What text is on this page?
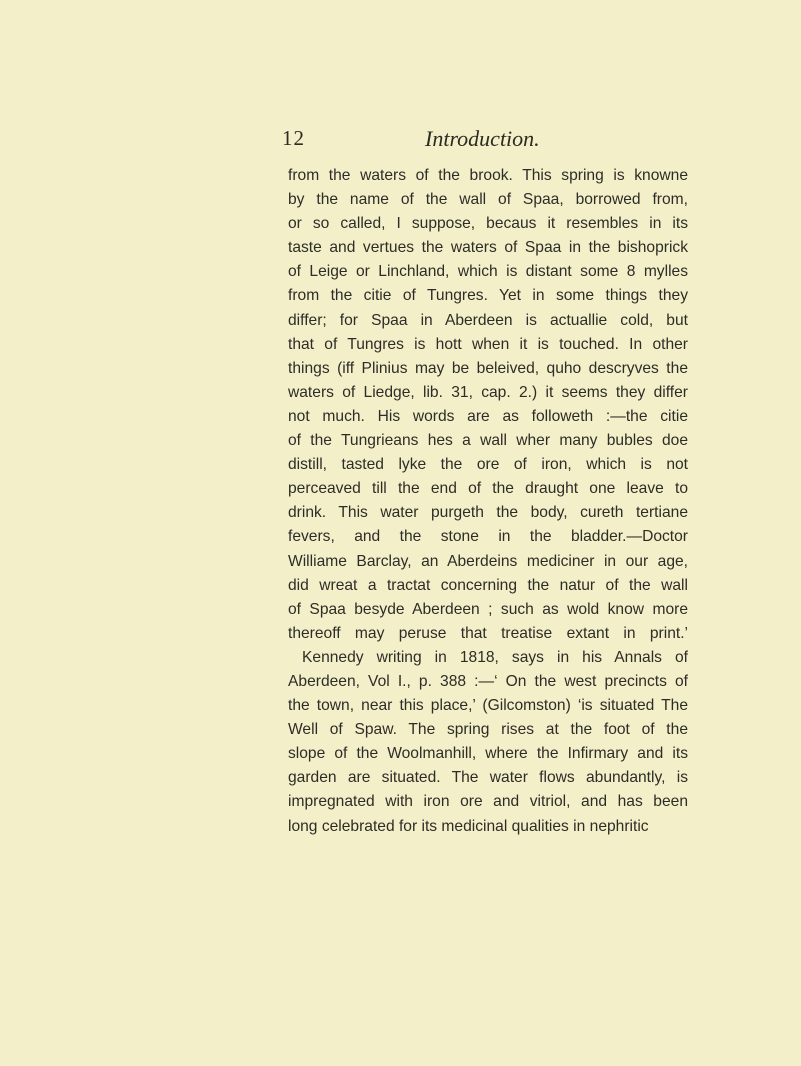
12	Introduction.
from the waters of the brook. This spring is knowne
by the name of the wall of Spaa, borrowed from,
or so called, I suppose, becaus it resembles in its
taste and vertues the waters of Spaa in the bishoprick
of Leige or Linchland, which is distant some 8 mylles
from the citie of Tungres. Yet in some things they
differ; for Spaa in Aberdeen is actuallie cold, but
that of Tungres is hott when it is touched. In other
things (iff Plinius may be beleived, quho descryves the
waters of Liedge, lib. 31, cap. 2.) it seems they differ
not much. His words are as followeth :—the citie
of the Tungrieans hes a wall wher many bubles doe
distill, tasted lyke the ore of iron, which is not
perceaved till the end of the draught one leave to
drink. This water purgeth the body, cureth tertiane
fevers, and the stone in the bladder.—Doctor
Williame Barclay, an Aberdeins mediciner in our age,
did wreat a tractat concerning the natur of the wall
of Spaa besyde Aberdeen ; such as wold know more
thereoff may peruse that treatise extant in print.’
Kennedy writing in 1818, says in his Annals of
Aberdeen, Vol I., p. 388 :—‘ On the west precincts of
the town, near this place,’ (Gilcomston) ‘is situated The
Well of Spaw. The spring rises at the foot of the
slope of the Woolmanhill, where the Infirmary and its
garden are situated. The water flows abundantly, is
impregnated with iron ore and vitriol, and has been
long celebrated for its medicinal qualities in nephritic
